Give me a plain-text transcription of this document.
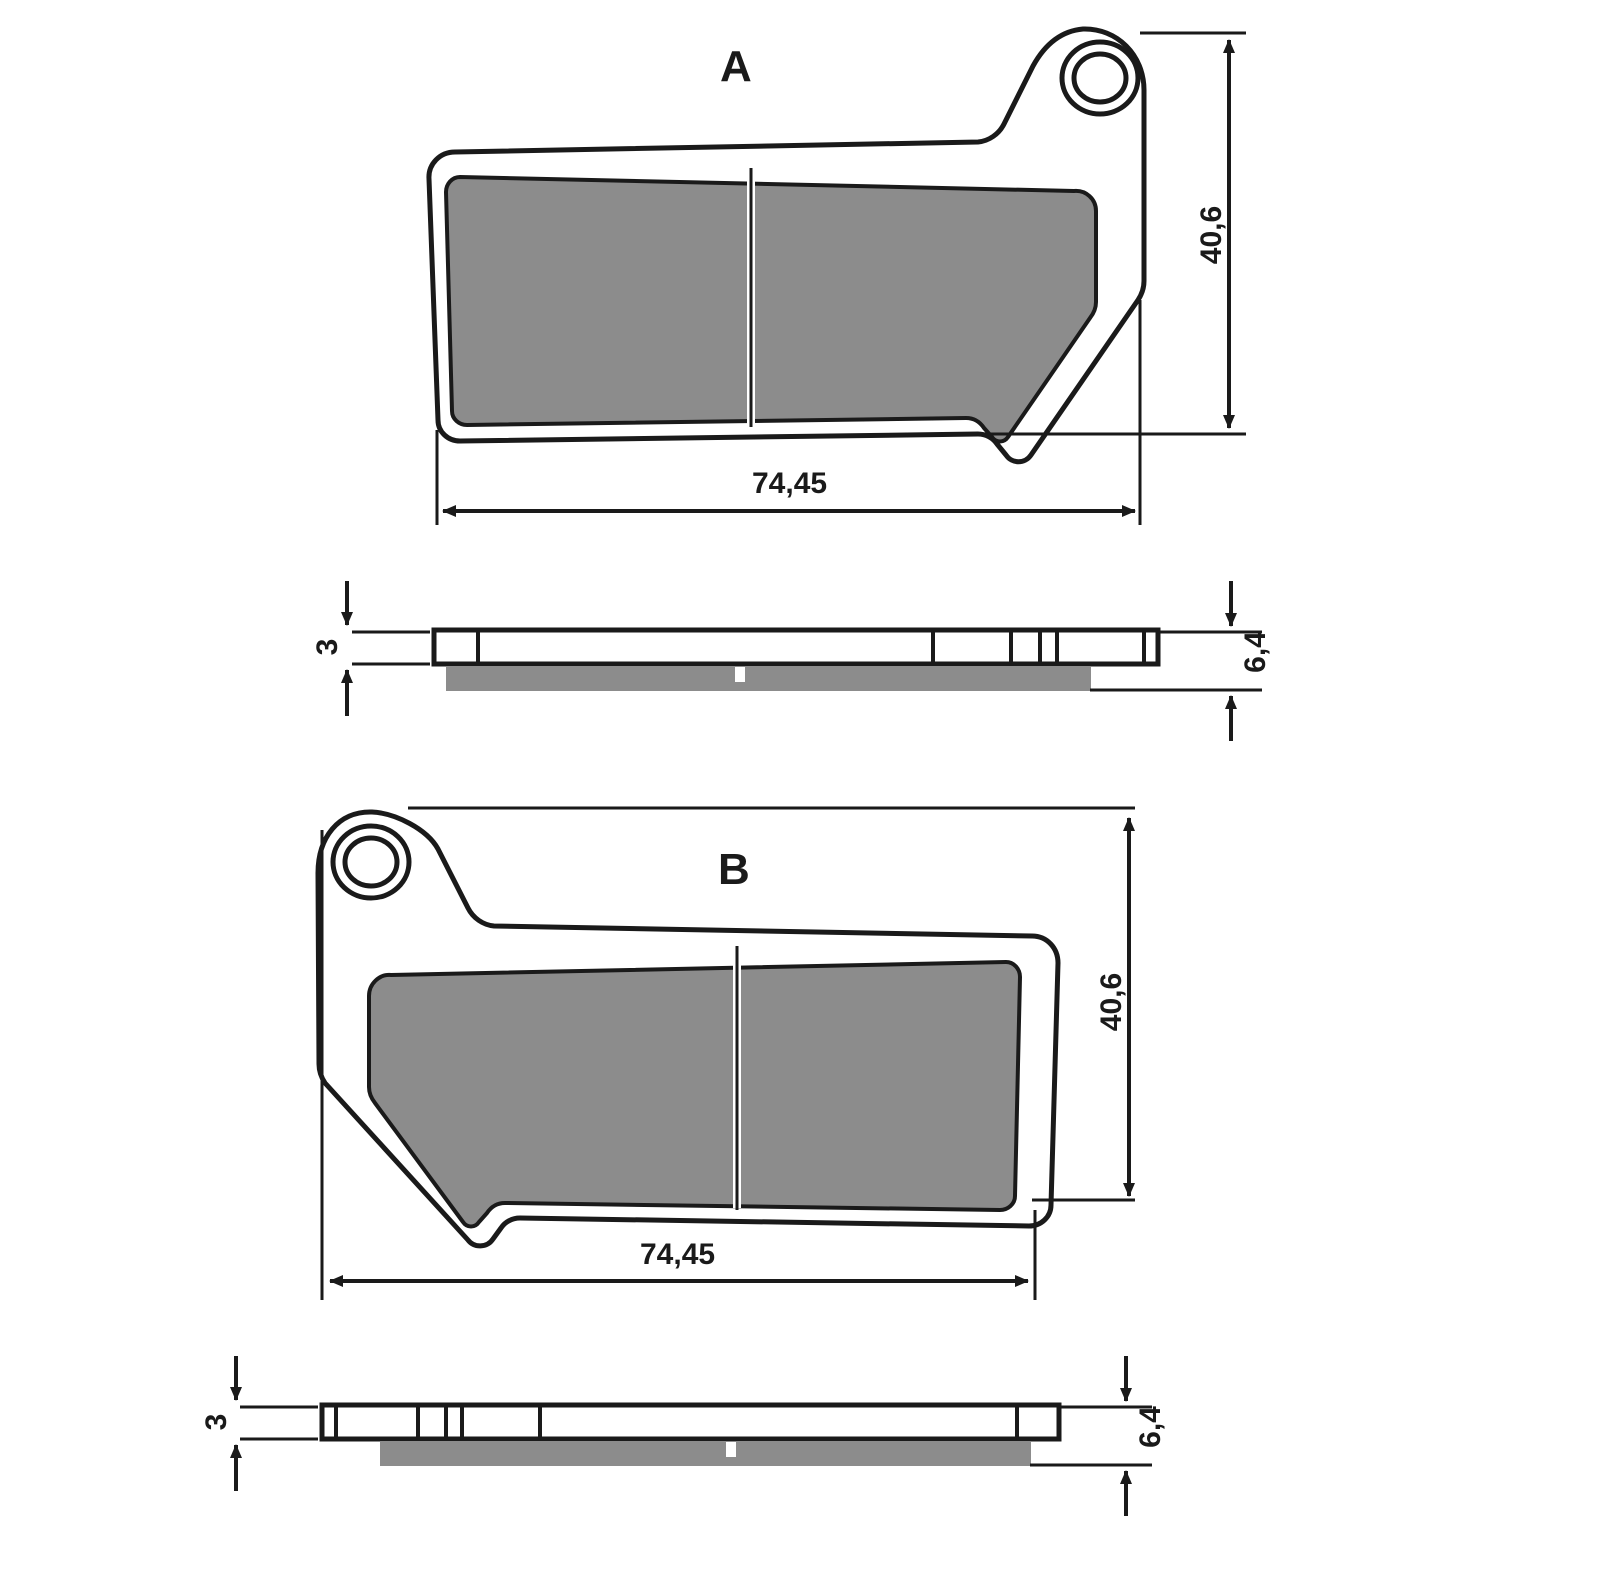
A
40,6
74,45
3	6,4
B
40,6
74,45
3	6,4
